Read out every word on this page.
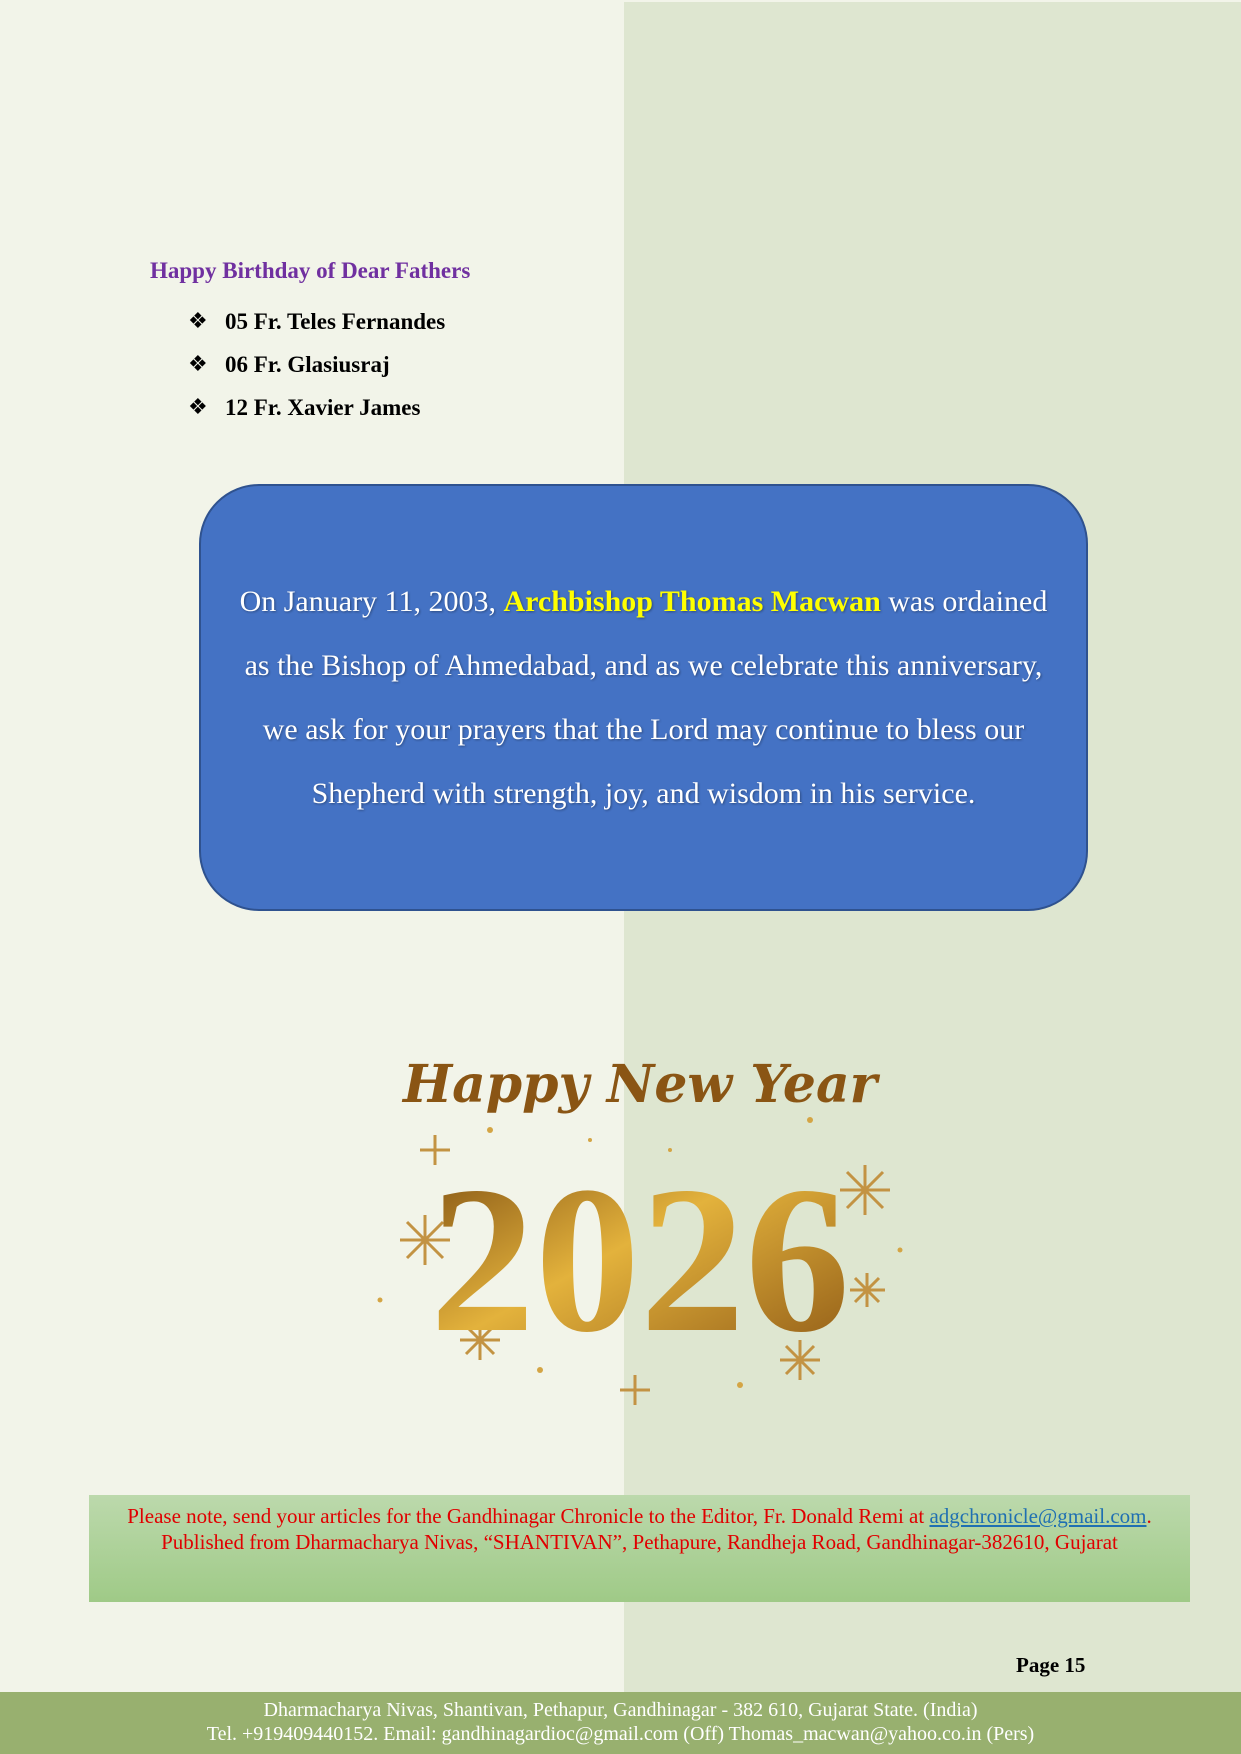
Happy Birthday of Dear Fathers
❖ 05 Fr. Teles Fernandes
❖ 06 Fr. Glasiusraj
❖ 12 Fr. Xavier James

On January 11, 2003, Archbishop Thomas Macwan was ordained as the Bishop of Ahmedabad, and as we celebrate this anniversary, we ask for your prayers that the Lord may continue to bless our Shepherd with strength, joy, and wisdom in his service.

Happy New Year
2026
Please note, send your articles for the Gandhinagar Chronicle to the Editor, Fr. Donald Remi at adgchronicle@gmail.com. Published from Dharmacharya Nivas, “SHANTIVAN”, Pethapure, Randheja Road, Gandhinagar-382610, Gujarat
Page 15
Dharmacharya Nivas, Shantivan, Pethapur, Gandhinagar - 382 610, Gujarat State. (India)
Tel. +919409440152. Email: gandhinagardioc@gmail.com (Off) Thomas_macwan@yahoo.co.in (Pers)
